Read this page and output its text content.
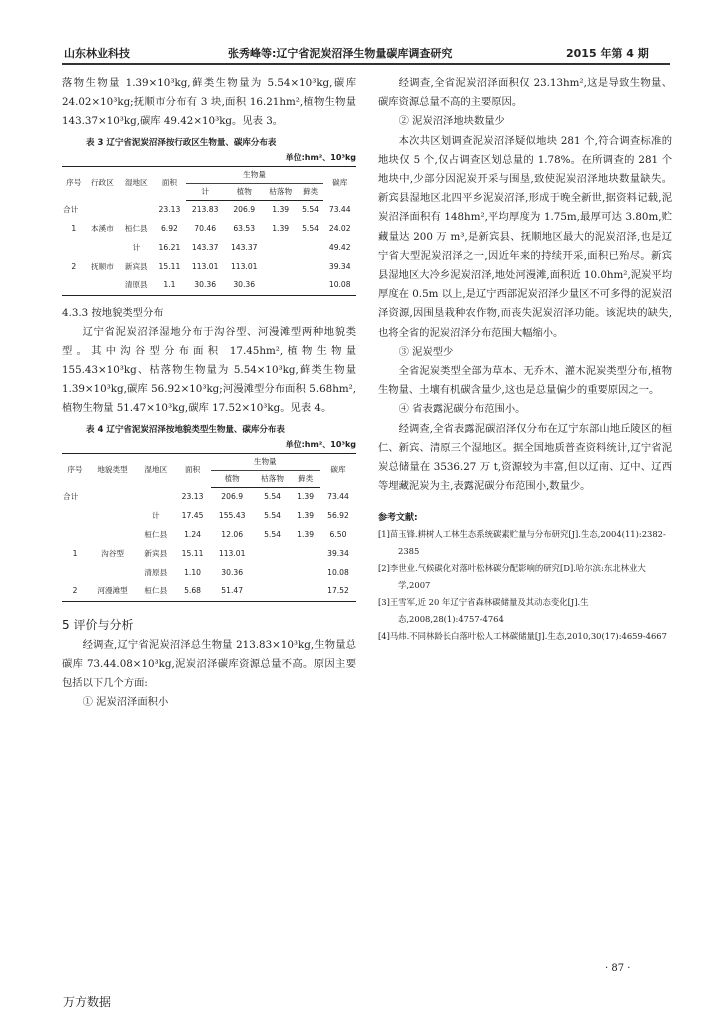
山东林业科技	张秀峰等:辽宁省泥炭沼泽生物量碳库调查研究	2015 年第 4 期

落物生物量 1.39×10³kg,藓类生物量为 5.54×10³kg,碳库 24.02×10³kg;抚顺市分布有 3 块,面积 16.21hm²,植物生物量 143.37×10³kg,碳库 49.42×10³kg。见表 3。

表 3 辽宁省泥炭沼泽按行政区生物量、碳库分布表
单位:hm²、10³kg
序号	行政区	湿地区	面积	生物量				碳库
				计	植物	枯落物	藓类	
合计			23.13	213.83	206.9	1.39	5.54	73.44
1	本溪市	桓仁县	6.92	70.46	63.53	1.39	5.54	24.02
		计	16.21	143.37	143.37			49.42
2	抚顺市	新宾县	15.11	113.01	113.01			39.34
		清原县	1.1	30.36	30.36			10.08
4.3.3 按地貌类型分布

辽宁省泥炭沼泽湿地分布于沟谷型、河漫滩型两种地貌类型。其中沟谷型分布面积 17.45hm²,植物生物量 155.43×10³kg、枯落物生物量为 5.54×10³kg,藓类生物量 1.39×10³kg,碳库 56.92×10³kg;河漫滩型分布面积 5.68hm²,植物生物量 51.47×10³kg,碳库 17.52×10³kg。见表 4。

表 4 辽宁省泥炭沼泽按地貌类型生物量、碳库分布表
单位:hm²、10³kg
序号	地貌类型	湿地区	面积	生物量			碳库
				植物	枯落物	藓类	
合计			23.13	206.9	5.54	1.39	73.44
		计	17.45	155.43	5.54	1.39	56.92
		桓仁县	1.24	12.06	5.54	1.39	6.50
1	沟谷型	新宾县	15.11	113.01			39.34
		清原县	1.10	30.36			10.08
2	河漫滩型	桓仁县	5.68	51.47			17.52
5 评价与分析

经调查,辽宁省泥炭沼泽总生物量 213.83×10³kg,生物量总碳库 73.44.08×10³kg,泥炭沼泽碳库资源总量不高。原因主要包括以下几个方面:

① 泥炭沼泽面积小

经调查,全省泥炭沼泽面积仅 23.13hm²,这是导致生物量、碳库资源总量不高的主要原因。

② 泥炭沼泽地块数量少

本次共区划调查泥炭沼泽疑似地块 281 个,符合调查标准的地块仅 5 个,仅占调查区划总量的 1.78%。在所调查的 281 个地块中,少部分因泥炭开采与围垦,致使泥炭沼泽地块数量缺失。新宾县湿地区北四平乡泥炭沼泽,形成于晚全新世,据资料记载,泥炭沼泽面积有 148hm²,平均厚度为 1.75m,最厚可达 3.80m,贮藏量达 200 万 m³,是新宾县、抚顺地区最大的泥炭沼泽,也是辽宁省大型泥炭沼泽之一,因近年来的持续开采,面积已殆尽。新宾县湿地区大冷乡泥炭沼泽,地处河漫滩,面积近 10.0hm²,泥炭平均厚度在 0.5m 以上,是辽宁西部泥炭沼泽少量区不可多得的泥炭沼泽资源,因围垦栽种农作物,而丧失泥炭沼泽功能。该泥块的缺失,也将全省的泥炭沼泽分布范围大幅缩小。

③ 泥炭型少

全省泥炭类型全部为草本、无乔木、灌木泥炭类型分布,植物生物量、土壤有机碳含量少,这也是总量偏少的重要原因之一。

④ 省表露泥碳分布范围小。

经调查,全省表露泥碳沼泽仅分布在辽宁东部山地丘陵区的桓仁、新宾、清原三个湿地区。据全国地质普查资料统计,辽宁省泥炭总储量在 3536.27 万 t,资源较为丰富,但以辽南、辽中、辽西等埋藏泥炭为主,表露泥碳分布范围小,数量少。

参考文献:
[1]苗玉锋.耕树人工林生态系统碳素贮量与分布研究[J].生态,2004(11):2382-2385
[2]李世业.气候碳化对落叶松林碳分配影响的研究[D].哈尔滨:东北林业大学,2007
[3]王雪军,近 20 年辽宁省森林碳储量及其动态变化[J].生态,2008,28(1):4757-4764
[4]马炜.不同林龄长白落叶松人工林碳储量[J].生态,2010,30(17):4659-4667
· 87 ·
万方数据
